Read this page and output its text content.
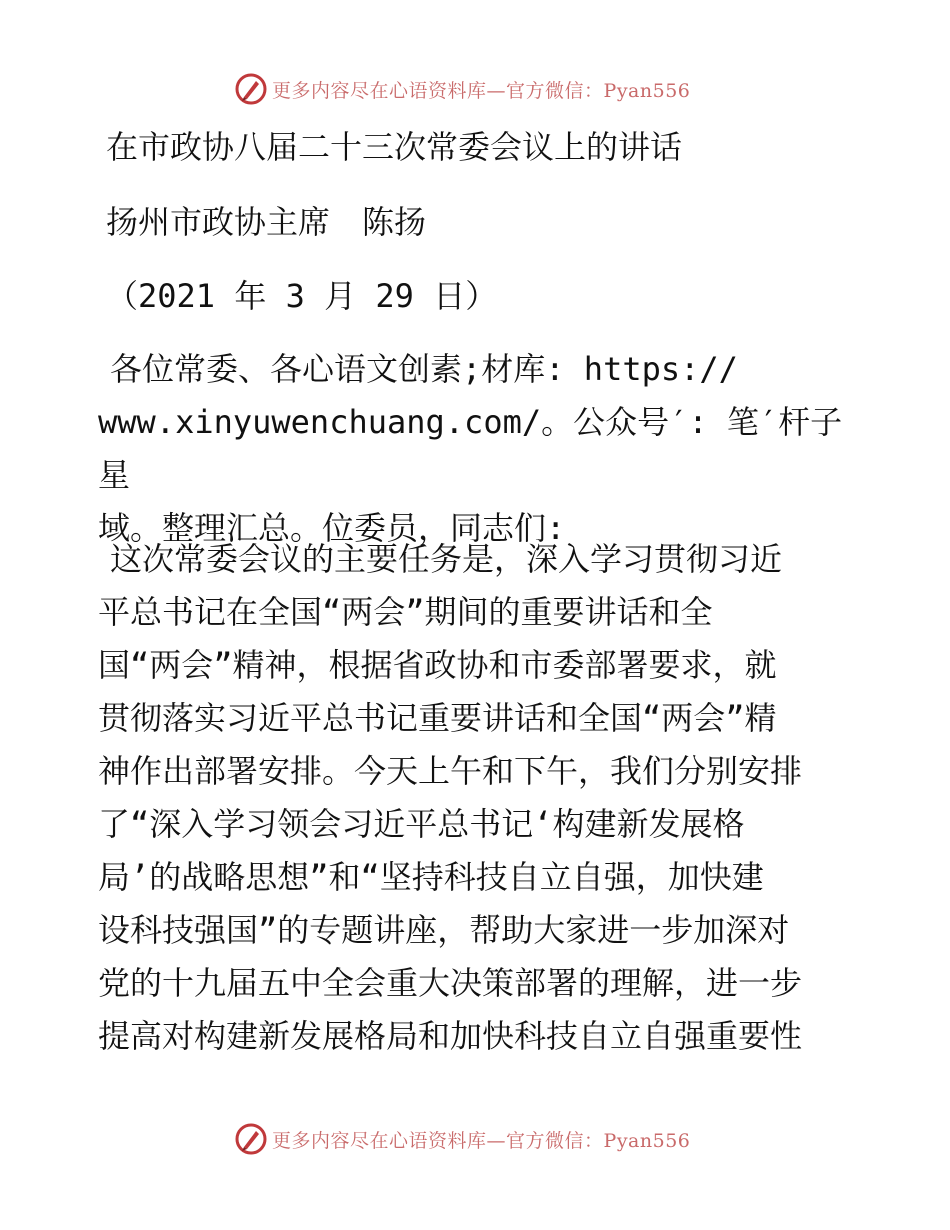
更多内容尽在心语资料库—官方微信：Pyan556
在市政协八届二十三次常委会议上的讲话
扬州市政协主席　陈扬
（2021 年 3 月 29 日）

各位常委、各心语文创素;材库: https://

www.xinyuwenchuang.com/。公众号′: 笔′杆子星

域。整理汇总。位委员，同志们:

这次常委会议的主要任务是，深入学习贯彻习近

平总书记在全国“两会”期间的重要讲话和全

国“两会”精神，根据省政协和市委部署要求，就

贯彻落实习近平总书记重要讲话和全国“两会”精

神作出部署安排。今天上午和下午，我们分别安排

了“深入学习领会习近平总书记‘构建新发展格

局’的战略思想”和“坚持科技自立自强，加快建

设科技强国”的专题讲座，帮助大家进一步加深对

党的十九届五中全会重大决策部署的理解，进一步

提高对构建新发展格局和加快科技自立自强重要性

更多内容尽在心语资料库—官方微信：Pyan556
